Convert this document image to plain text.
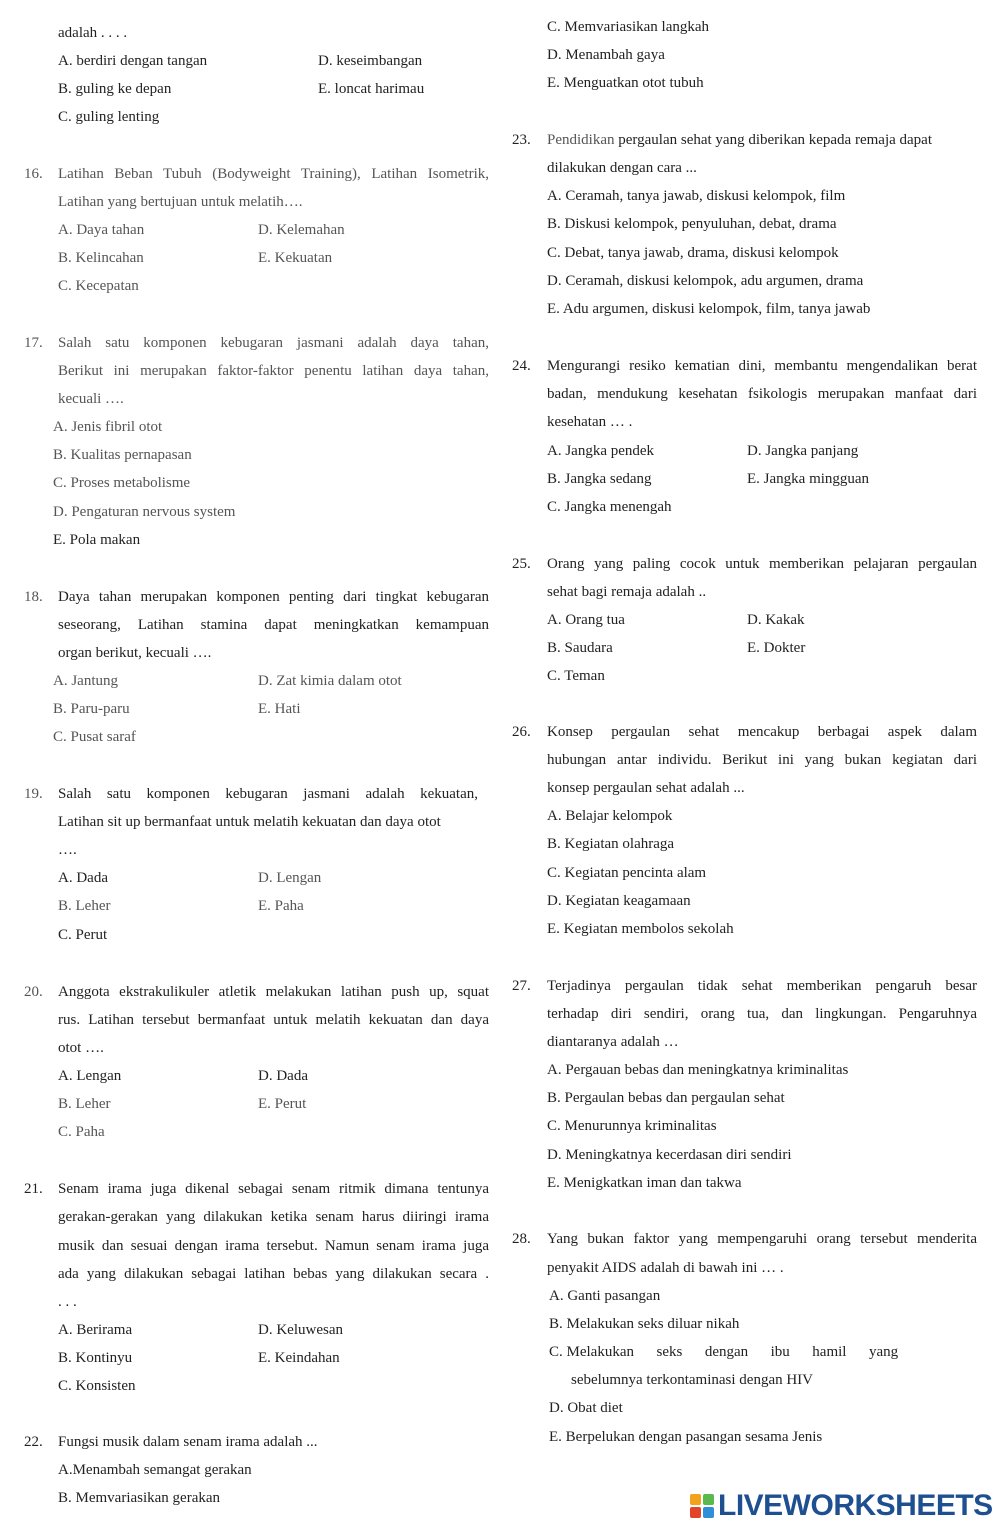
adalah . . . .
A. berdiri dengan tangan	D. keseimbangan
B. guling ke depan	E. loncat harimau
C. guling lenting
16. Latihan Beban Tubuh (Bodyweight Training), Latihan Isometrik,
Latihan yang bertujuan untuk melatih….
A. Daya tahan	D. Kelemahan
B. Kelincahan	E. Kekuatan
C. Kecepatan
17. Salah satu komponen kebugaran jasmani adalah daya tahan,
Berikut ini merupakan faktor-faktor penentu latihan daya tahan,
kecuali ….
A. Jenis fibril otot
B. Kualitas pernapasan
C. Proses metabolisme
D. Pengaturan nervous system
E. Pola makan
18. Daya tahan merupakan komponen penting dari tingkat kebugaran
seseorang, Latihan stamina dapat meningkatkan kemampuan
organ berikut, kecuali ….
A. Jantung	D. Zat kimia dalam otot
B. Paru-paru	E. Hati
C. Pusat saraf
19. Salah satu komponen kebugaran jasmani adalah kekuatan,
Latihan sit up bermanfaat untuk melatih kekuatan dan daya otot
….
A. Dada	D. Lengan
B. Leher	E. Paha
C. Perut
20. Anggota ekstrakulikuler atletik melakukan latihan push up, squat
rus. Latihan tersebut bermanfaat untuk melatih kekuatan dan daya
otot ….
A. Lengan	D. Dada
B. Leher	E. Perut
C. Paha
21. Senam irama juga dikenal sebagai senam ritmik dimana tentunya
gerakan-gerakan yang dilakukan ketika senam harus diiringi irama
musik dan sesuai dengan irama tersebut. Namun senam irama juga
ada yang dilakukan sebagai latihan bebas yang dilakukan secara .
. . .
A. Berirama	D. Keluwesan
B. Kontinyu	E. Keindahan
C. Konsisten
22. Fungsi musik dalam senam irama adalah ...
A.Menambah semangat gerakan
B. Memvariasikan gerakan
C. Memvariasikan langkah
D. Menambah gaya
E. Menguatkan otot tubuh
23. Pendidikan pergaulan sehat yang diberikan kepada remaja dapat
dilakukan dengan cara ...
A. Ceramah, tanya jawab, diskusi kelompok, film
B. Diskusi kelompok, penyuluhan, debat, drama
C. Debat, tanya jawab, drama, diskusi kelompok
D. Ceramah, diskusi kelompok, adu argumen, drama
E. Adu argumen, diskusi kelompok, film, tanya jawab
24. Mengurangi resiko kematian dini, membantu mengendalikan berat
badan, mendukung kesehatan fsikologis merupakan manfaat dari
kesehatan … .
A. Jangka pendek	D. Jangka panjang
B. Jangka sedang	E. Jangka mingguan
C. Jangka menengah
25. Orang yang paling cocok untuk memberikan pelajaran pergaulan
sehat bagi remaja adalah ..
A. Orang tua	D. Kakak
B. Saudara	E. Dokter
C. Teman
26. Konsep pergaulan sehat mencakup berbagai aspek dalam
hubungan antar individu. Berikut ini yang bukan kegiatan dari
konsep pergaulan sehat adalah ...
A. Belajar kelompok
B. Kegiatan olahraga
C. Kegiatan pencinta alam
D. Kegiatan keagamaan
E. Kegiatan membolos sekolah
27. Terjadinya pergaulan tidak sehat memberikan pengaruh besar
terhadap diri sendiri, orang tua, dan lingkungan. Pengaruhnya
diantaranya adalah …
A. Pergauan bebas dan meningkatnya kriminalitas
B. Pergaulan bebas dan pergaulan sehat
C. Menurunnya kriminalitas
D. Meningkatnya kecerdasan diri sendiri
E. Menigkatkan iman dan takwa
28. Yang bukan faktor yang mempengaruhi orang tersebut menderita
penyakit AIDS adalah di bawah ini … .
A. Ganti pasangan
B. Melakukan seks diluar nikah
C. Melakukan      seks      dengan      ibu      hamil      yang
sebelumnya terkontaminasi dengan HIV
D. Obat diet
E. Berpelukan dengan pasangan sesama Jenis
LIVEWORKSHEETS
